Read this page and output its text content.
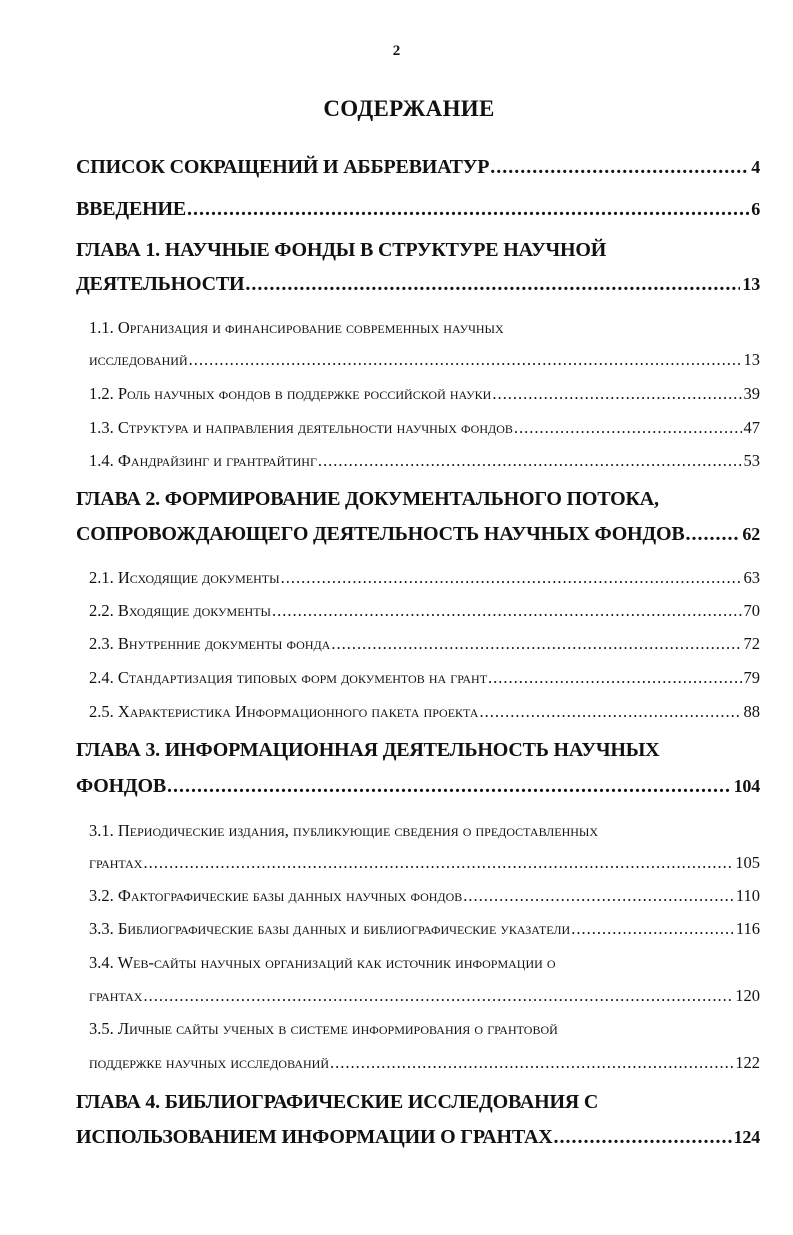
2
СОДЕРЖАНИЕ
СПИСОК СОКРАЩЕНИЙ И АББРЕВИАТУР .....	4
ВВЕДЕНИЕ .....	6
ГЛАВА 1. НАУЧНЫЕ ФОНДЫ В СТРУКТУРЕ НАУЧНОЙ
ДЕЯТЕЛЬНОСТИ .....	13
1.1. Организация и финансирование современных научных
исследований .....	13
1.2. Роль научных фондов в поддержке российской науки .....	39
1.3. Структура и направления деятельности научных фондов .....	47
1.4. Фандрайзинг и грантрайтинг .....	53
ГЛАВА 2. ФОРМИРОВАНИЕ ДОКУМЕНТАЛЬНОГО ПОТОКА,
СОПРОВОЖДАЮЩЕГО ДЕЯТЕЛЬНОСТЬ НАУЧНЫХ ФОНДОВ .....	62
2.1. Исходящие документы .....	63
2.2. Входящие документы .....	70
2.3. Внутренние документы фонда .....	72
2.4. Стандартизация типовых форм документов на грант .....	79
2.5. Характеристика Информационного пакета проекта .....	88
ГЛАВА 3. ИНФОРМАЦИОННАЯ ДЕЯТЕЛЬНОСТЬ НАУЧНЫХ
ФОНДОВ .....	104
3.1. Периодические издания, публикующие сведения о предоставленных
грантах .....	105
3.2. Фактографические базы данных научных фондов .....	110
3.3. Библиографические базы данных и библиографические указатели .....	116
3.4. Web-сайты научных организаций как источник информации о
грантах .....	120
3.5. Личные сайты ученых в системе информирования о грантовой
поддержке научных исследований .....	122
ГЛАВА 4. БИБЛИОГРАФИЧЕСКИЕ ИССЛЕДОВАНИЯ С
ИСПОЛЬЗОВАНИЕМ ИНФОРМАЦИИ О ГРАНТАХ .....	124
